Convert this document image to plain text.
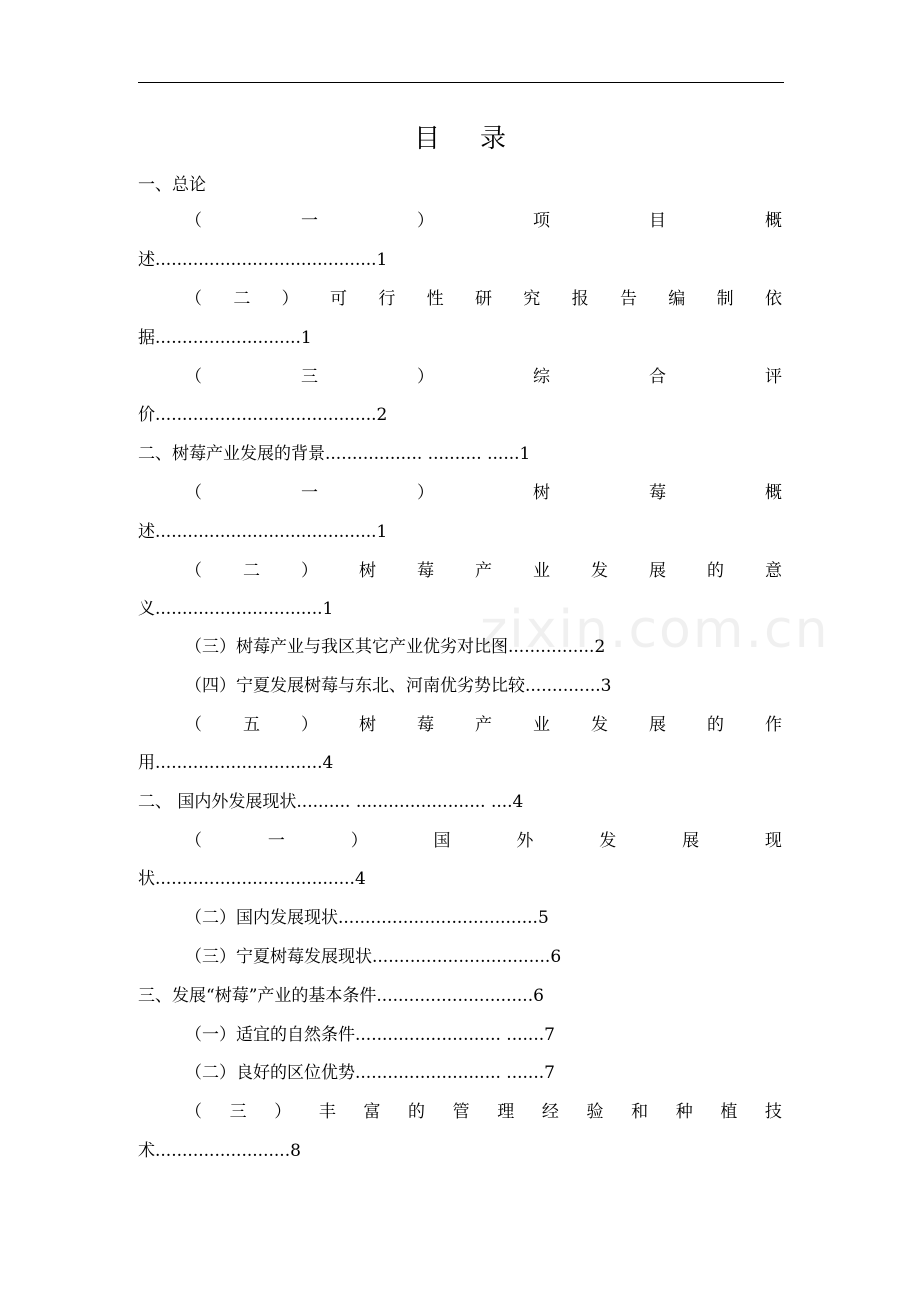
目录
zixin.com.cn
一、总论
（	一	）	项	目	概
述.........................................1
（ 二 ） 可 行 性 研 究 报 告 编 制 依
据...........................1
（	三	）	综	合	评
价.........................................2
二、树莓产业发展的背景.................. .......... ......1
（	一	）	树	莓	概
述.........................................1
（ 二 ） 树 莓 产 业 发 展 的 意
义...............................1
（三）树莓产业与我区其它产业优劣对比图................2
（四）宁夏发展树莓与东北、河南优劣势比较..............3
（ 五 ） 树 莓 产 业 发 展 的 作
用...............................4
二、 国内外发展现状.......... ........................ ....4
（	一	）	国	外	发	展	现
状.....................................4
（二）国内发展现状.....................................5
（三）宁夏树莓发展现状.................................6
三、发展“树莓”产业的基本条件.............................6
（一）适宜的自然条件........................... .......7
（二）良好的区位优势........................... .......7
（ 三 ） 丰 富 的 管 理 经 验 和 种 植 技
术.........................8
